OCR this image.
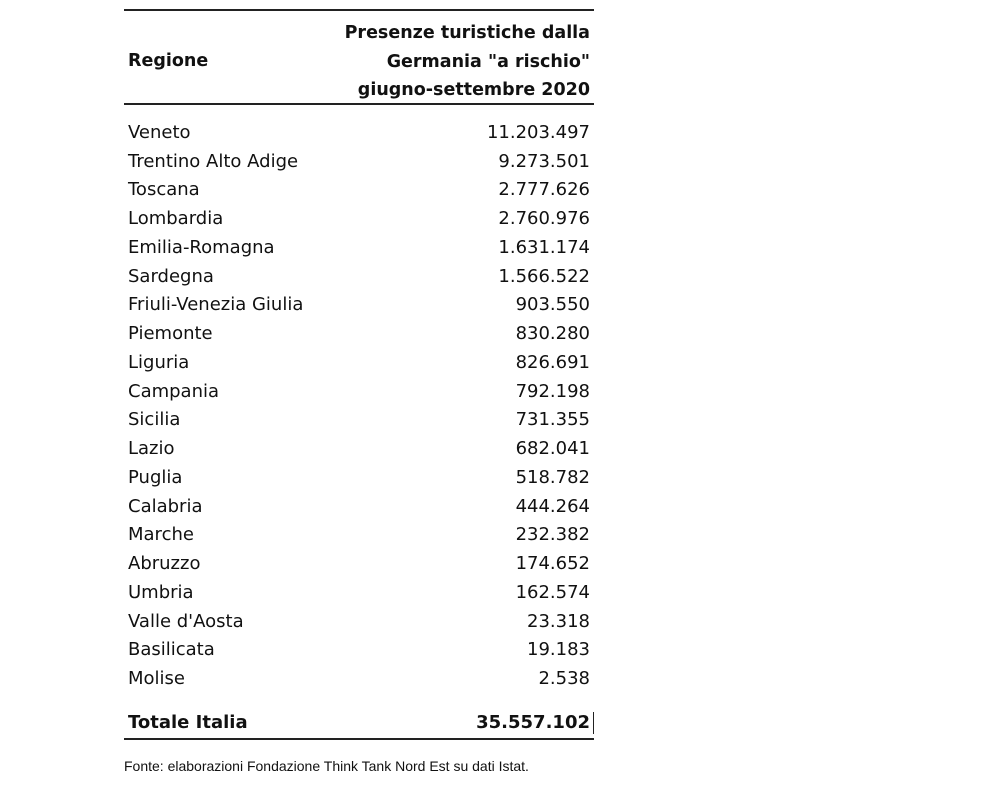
Regione
Presenze turistiche dalla
Germania "a rischio"
giugno-settembre 2020
Veneto	11.203.497
Trentino Alto Adige	9.273.501
Toscana	2.777.626
Lombardia	2.760.976
Emilia-Romagna	1.631.174
Sardegna	1.566.522
Friuli-Venezia Giulia	903.550
Piemonte	830.280
Liguria	826.691
Campania	792.198
Sicilia	731.355
Lazio	682.041
Puglia	518.782
Calabria	444.264
Marche	232.382
Abruzzo	174.652
Umbria	162.574
Valle d'Aosta	23.318
Basilicata	19.183
Molise	2.538
Totale Italia	35.557.102
Fonte: elaborazioni Fondazione Think Tank Nord Est su dati Istat.
